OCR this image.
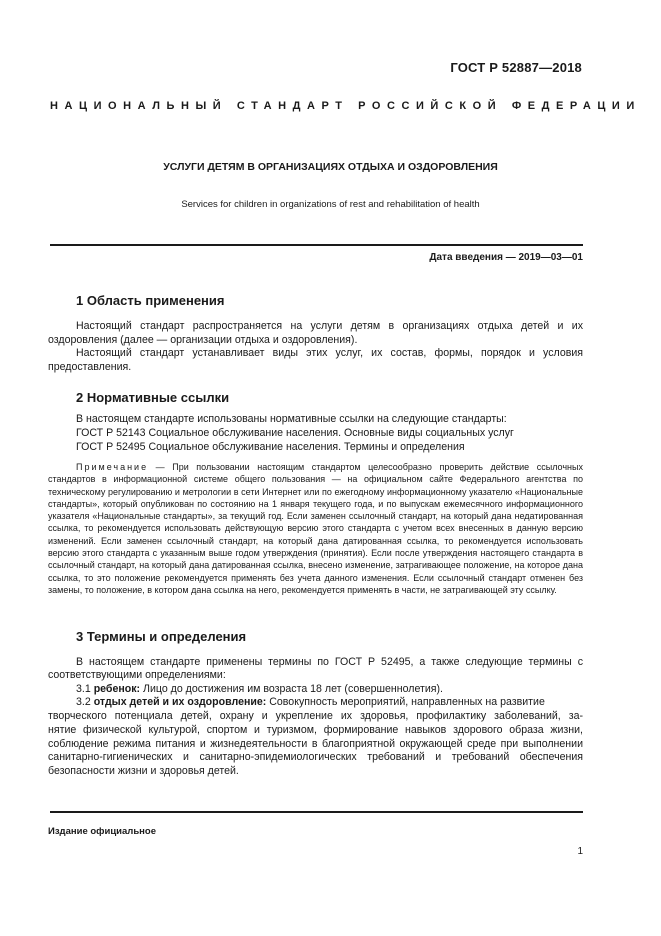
ГОСТ Р 52887—2018
НАЦИОНАЛЬНЫЙ СТАНДАРТ РОССИЙСКОЙ ФЕДЕРАЦИИ
УСЛУГИ ДЕТЯМ В ОРГАНИЗАЦИЯХ ОТДЫХА И ОЗДОРОВЛЕНИЯ
Services for children in organizations of rest and rehabilitation of health
Дата введения — 2019—03—01
1 Область применения
Настоящий стандарт распространяется на услуги детям в организациях отдыха детей и их
оздоровления (далее — организации отдыха и оздоровления).
Настоящий стандарт устанавливает виды этих услуг, их состав, формы, порядок и условия
предоставления.
2 Нормативные ссылки
В настоящем стандарте использованы нормативные ссылки на следующие стандарты:
ГОСТ Р 52143 Социальное обслуживание населения. Основные виды социальных услуг
ГОСТ Р 52495 Социальное обслуживание населения. Термины и определения
Примечание — При пользовании настоящим стандартом целесообразно проверить действие ссылочных стандартов в информационной системе общего пользования — на официальном сайте Федерального агентства по техническому регулированию и метрологии в сети Интернет или по ежегодному информационному указателю «Национальные стандарты», который опубликован по состоянию на 1 января текущего года, и по выпускам ежемесячного информационного указателя «Национальные стандарты», за текущий год. Если заменен ссылочный стандарт, на который дана недатированная ссылка, то рекомендуется использовать действующую версию этого стандарта с учетом всех внесенных в данную версию изменений. Если заменен ссылочный стандарт, на который дана датированная ссылка, то рекомендуется использовать версию этого стандарта с указанным выше годом утверждения (принятия). Если после утверждения настоящего стандарта в ссылочный стандарт, на который дана датированная ссылка, внесено изменение, затрагивающее положение, на которое дана ссылка, то это положение рекомендуется применять без учета данного изменения. Если ссылочный стандарт отменен без замены, то положение, в котором дана ссылка на него, рекомендуется применять в части, не затрагивающей эту ссылку.
3 Термины и определения
В настоящем стандарте применены термины по ГОСТ Р 52495, а также следующие термины с
соответствующими определениями:
3.1 ребенок: Лицо до достижения им возраста 18 лет (совершеннолетия).
3.2 отдых детей и их оздоровление: Совокупность мероприятий, направленных на развитие
творческого потенциала детей, охрану и укрепление их здоровья, профилактику заболеваний, за-
нятие физической культурой, спортом и туризмом, формирование навыков здорового образа жизни,
соблюдение режима питания и жизнедеятельности в благоприятной окружающей среде при выполнении
санитарно-гигиенических и санитарно-эпидемиологических требований и требований обеспечения
безопасности жизни и здоровья детей.
Издание официальное
1
